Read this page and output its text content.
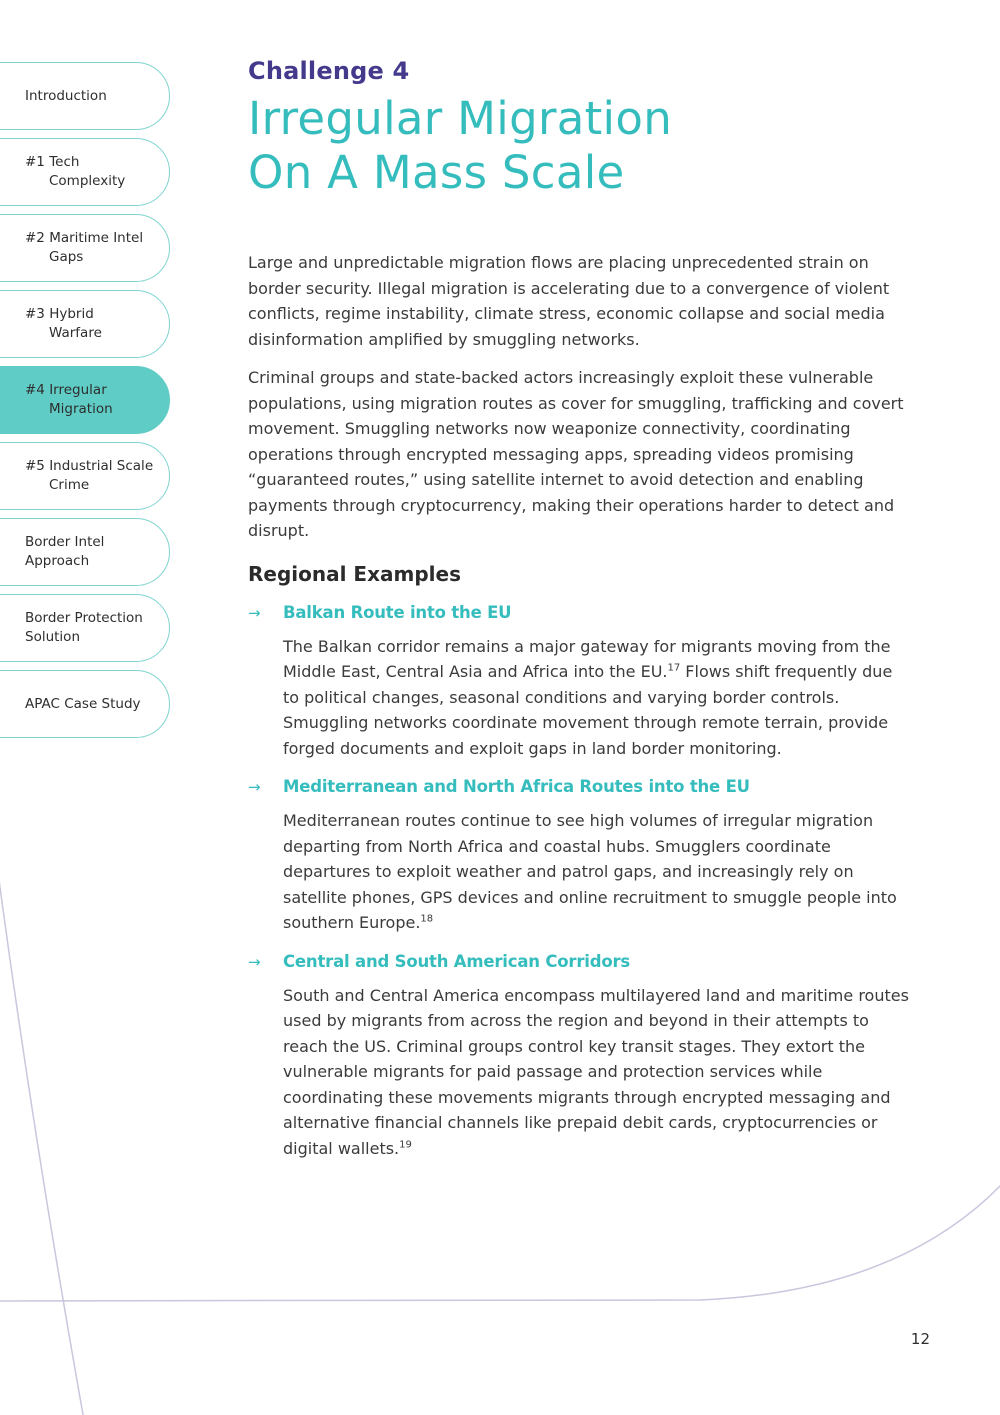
Introduction
#1 Tech
Complexity
#2 Maritime Intel
Gaps
#3 Hybrid
Warfare
#4 Irregular
Migration
#5 Industrial Scale
Crime
Border Intel
Approach
Border Protection
Solution
APAC Case Study
Challenge 4
Irregular Migration
On A Mass Scale

Large and unpredictable migration flows are placing unprecedented strain on border security. Illegal migration is accelerating due to a convergence of violent conflicts, regime instability, climate stress, economic collapse and social media disinformation amplified by smuggling networks.

Criminal groups and state-backed actors increasingly exploit these vulnerable populations, using migration routes as cover for smuggling, trafficking and covert movement. Smuggling networks now weaponize connectivity, coordinating operations through encrypted messaging apps, spreading videos promising “guaranteed routes,” using satellite internet to avoid detection and enabling payments through cryptocurrency, making their operations harder to detect and disrupt.

Regional Examples
→	Balkan Route into the EU

The Balkan corridor remains a major gateway for migrants moving from the Middle East, Central Asia and Africa into the EU.$^{17}$ Flows shift frequently due to political changes, seasonal conditions and varying border controls. Smuggling networks coordinate movement through remote terrain, provide forged documents and exploit gaps in land border monitoring.

→	Mediterranean and North Africa Routes into the EU

Mediterranean routes continue to see high volumes of irregular migration departing from North Africa and coastal hubs. Smugglers coordinate departures to exploit weather and patrol gaps, and increasingly rely on satellite phones, GPS devices and online recruitment to smuggle people into southern Europe.$^{18}$

→	Central and South American Corridors

South and Central America encompass multilayered land and maritime routes used by migrants from across the region and beyond in their attempts to reach the US. Criminal groups control key transit stages. They extort the vulnerable migrants for paid passage and protection services while coordinating these movements migrants through encrypted messaging and alternative financial channels like prepaid debit cards, cryptocurrencies or digital wallets.$^{19}$

12
